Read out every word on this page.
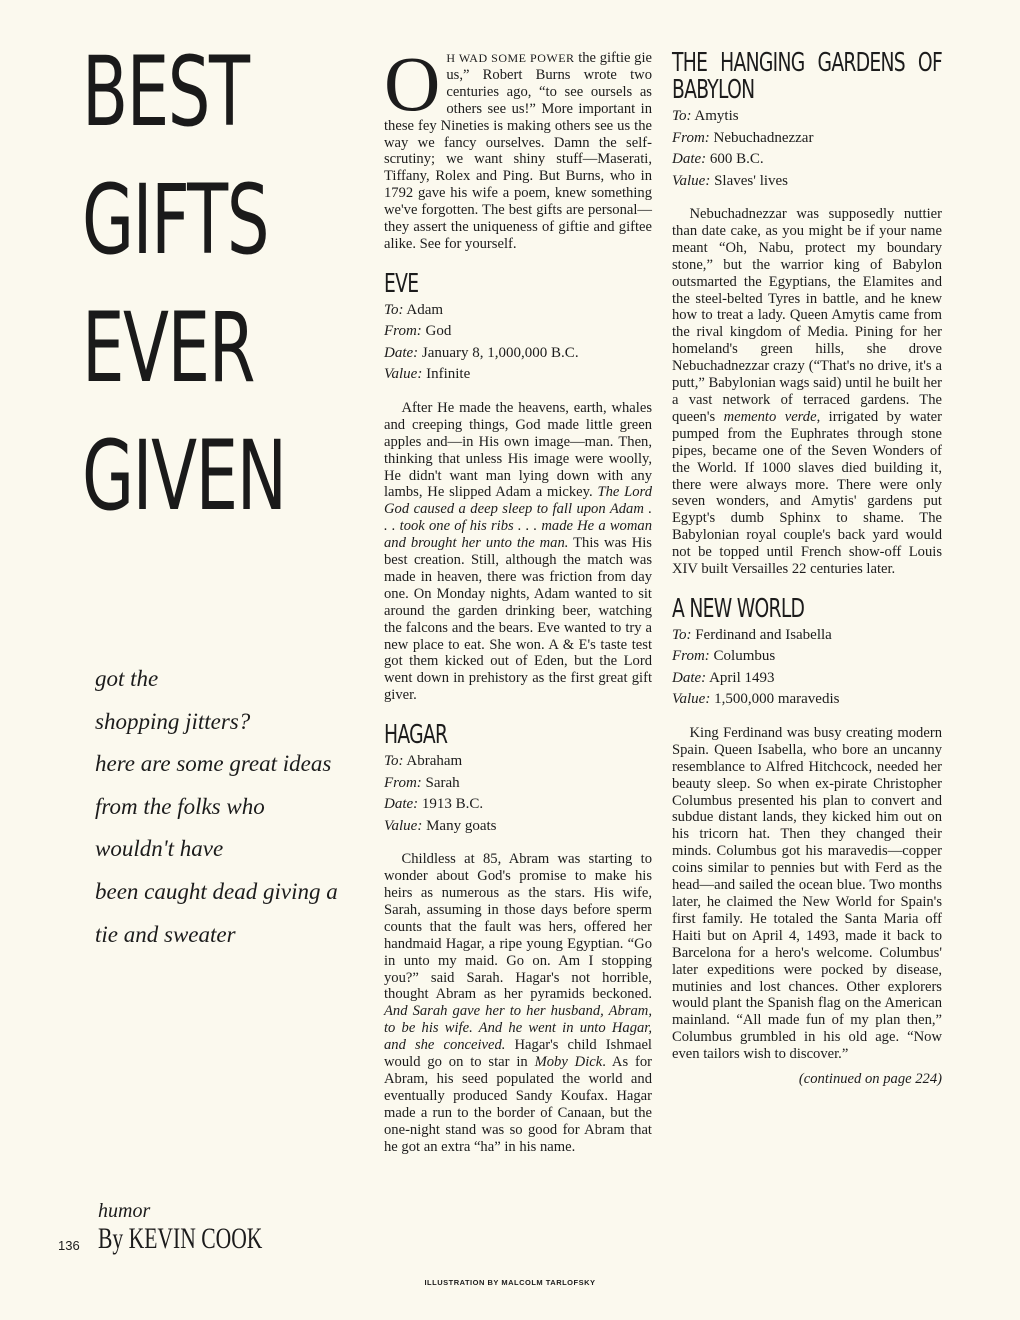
BEST
GIFTS
EVER
GIVEN
got the
shopping jitters?
here are some great ideas
from the folks who
wouldn't have
been caught dead giving a
tie and sweater
humor
By KEVIN COOK
136

O H WAD SOME POWER the giftie gie us,” Robert Burns wrote two centuries ago, “to see oursels as others see us!” More important in these fey Nineties is making others see us the way we fancy ourselves. Damn the self-scrutiny; we want shiny stuff—Maserati, Tiffany, Rolex and Ping. But Burns, who in 1792 gave his wife a poem, knew something we've forgotten. The best gifts are personal—they assert the uniqueness of giftie and giftee alike. See for yourself.

EVE
To: Adam
From: God
Date: January 8, 1,000,000 B.C.
Value: Infinite

After He made the heavens, earth, whales and creeping things, God made little green apples and—in His own image—man. Then, thinking that unless His image were woolly, He didn't want man lying down with any lambs, He slipped Adam a mickey. The Lord God caused a deep sleep to fall upon Adam . . . took one of his ribs . . . made He a woman and brought her unto the man. This was His best creation. Still, although the match was made in heaven, there was friction from day one. On Monday nights, Adam wanted to sit around the garden drinking beer, watching the falcons and the bears. Eve wanted to try a new place to eat. She won. A & E's taste test got them kicked out of Eden, but the Lord went down in prehistory as the first great gift giver.

HAGAR
To: Abraham
From: Sarah
Date: 1913 B.C.
Value: Many goats

Childless at 85, Abram was starting to wonder about God's promise to make his heirs as numerous as the stars. His wife, Sarah, assuming in those days before sperm counts that the fault was hers, offered her handmaid Hagar, a ripe young Egyptian. “Go in unto my maid. Go on. Am I stopping you?” said Sarah. Hagar's not horrible, thought Abram as her pyramids beckoned. And Sarah gave her to her husband, Abram, to be his wife. And he went in unto Hagar, and she conceived. Hagar's child Ishmael would go on to star in Moby Dick. As for Abram, his seed populated the world and eventually produced Sandy Koufax. Hagar made a run to the border of Canaan, but the one-night stand was so good for Abram that he got an extra “ha” in his name.

THE HANGING GARDENS OF BABYLON
To: Amytis
From: Nebuchadnezzar
Date: 600 B.C.
Value: Slaves' lives

Nebuchadnezzar was supposedly nuttier than date cake, as you might be if your name meant “Oh, Nabu, protect my boundary stone,” but the warrior king of Babylon outsmarted the Egyptians, the Elamites and the steel-belted Tyres in battle, and he knew how to treat a lady. Queen Amytis came from the rival kingdom of Media. Pining for her homeland's green hills, she drove Nebuchadnezzar crazy (“That's no drive, it's a putt,” Babylonian wags said) until he built her a vast network of terraced gardens. The queen's memento verde, irrigated by water pumped from the Euphrates through stone pipes, became one of the Seven Wonders of the World. If 1000 slaves died building it, there were always more. There were only seven wonders, and Amytis' gardens put Egypt's dumb Sphinx to shame. The Babylonian royal couple's back yard would not be topped until French show-off Louis XIV built Versailles 22 centuries later.

A NEW WORLD
To: Ferdinand and Isabella
From: Columbus
Date: April 1493
Value: 1,500,000 maravedis

King Ferdinand was busy creating modern Spain. Queen Isabella, who bore an uncanny resemblance to Alfred Hitchcock, needed her beauty sleep. So when ex-pirate Christopher Columbus presented his plan to convert and subdue distant lands, they kicked him out on his tricorn hat. Then they changed their minds. Columbus got his maravedis—copper coins similar to pennies but with Ferd as the head—and sailed the ocean blue. Two months later, he claimed the New World for Spain's first family. He totaled the Santa Maria off Haiti but on April 4, 1493, made it back to Barcelona for a hero's welcome. Columbus' later expeditions were pocked by disease, mutinies and lost chances. Other explorers would plant the Spanish flag on the American mainland. “All made fun of my plan then,” Columbus grumbled in his old age. “Now even tailors wish to discover.”

(continued on page 224)
ILLUSTRATION BY MALCOLM TARLOFSKY
